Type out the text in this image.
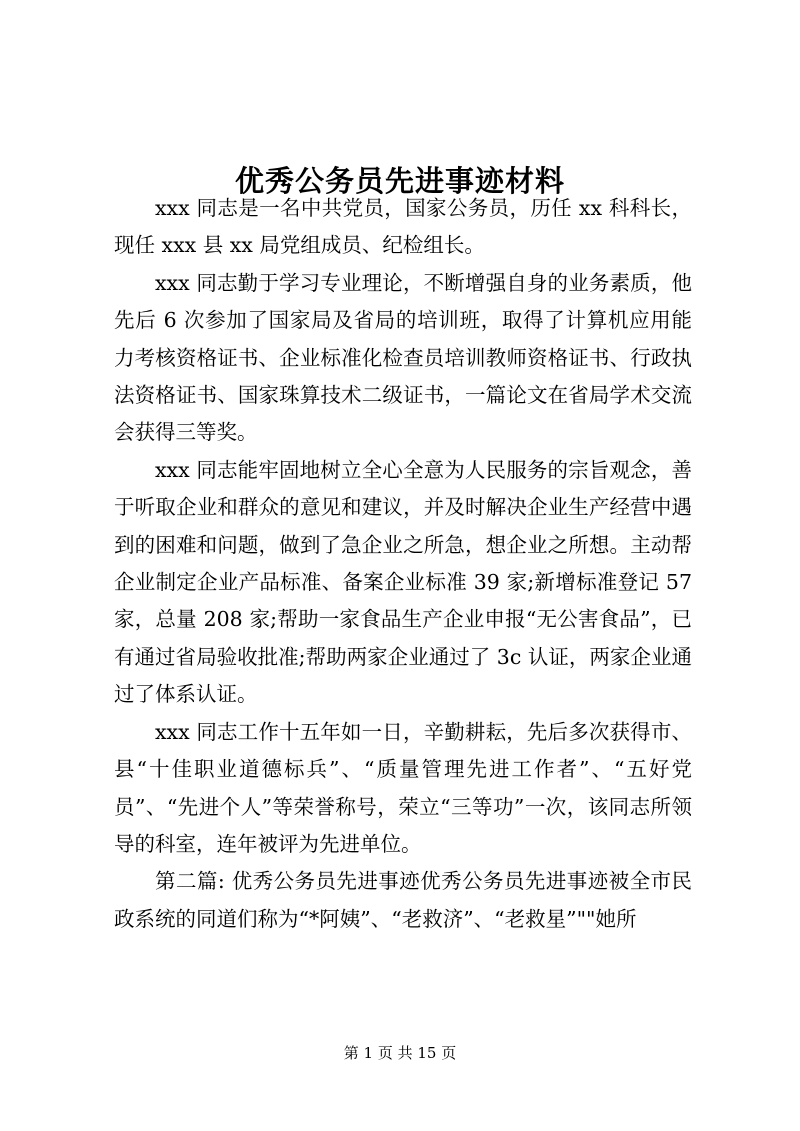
优秀公务员先进事迹材料

xxx 同志是一名中共党员，国家公务员，历任 xx 科科长，现任 xxx 县 xx 局党组成员、纪检组长。

xxx 同志勤于学习专业理论，不断增强自身的业务素质，他先后 6 次参加了国家局及省局的培训班，取得了计算机应用能力考核资格证书、企业标准化检查员培训教师资格证书、行政执法资格证书、国家珠算技术二级证书，一篇论文在省局学术交流会获得三等奖。

xxx 同志能牢固地树立全心全意为人民服务的宗旨观念，善于听取企业和群众的意见和建议，并及时解决企业生产经营中遇到的困难和问题，做到了急企业之所急，想企业之所想。主动帮企业制定企业产品标准、备案企业标准 39 家;新增标准登记 57 家，总量 208 家;帮助一家食品生产企业申报“无公害食品”，已有通过省局验收批准;帮助两家企业通过了 3c 认证，两家企业通过了体系认证。

xxx 同志工作十五年如一日，辛勤耕耘，先后多次获得市、县“十佳职业道德标兵”、“质量管理先进工作者”、“五好党员”、“先进个人”等荣誉称号，荣立“三等功”一次，该同志所领导的科室，连年被评为先进单位。

第二篇: 优秀公务员先进事迹优秀公务员先进事迹被全市民政系统的同道们称为“*阿姨”、“老救济”、“老救星”""她所

第 1 页 共 15 页
